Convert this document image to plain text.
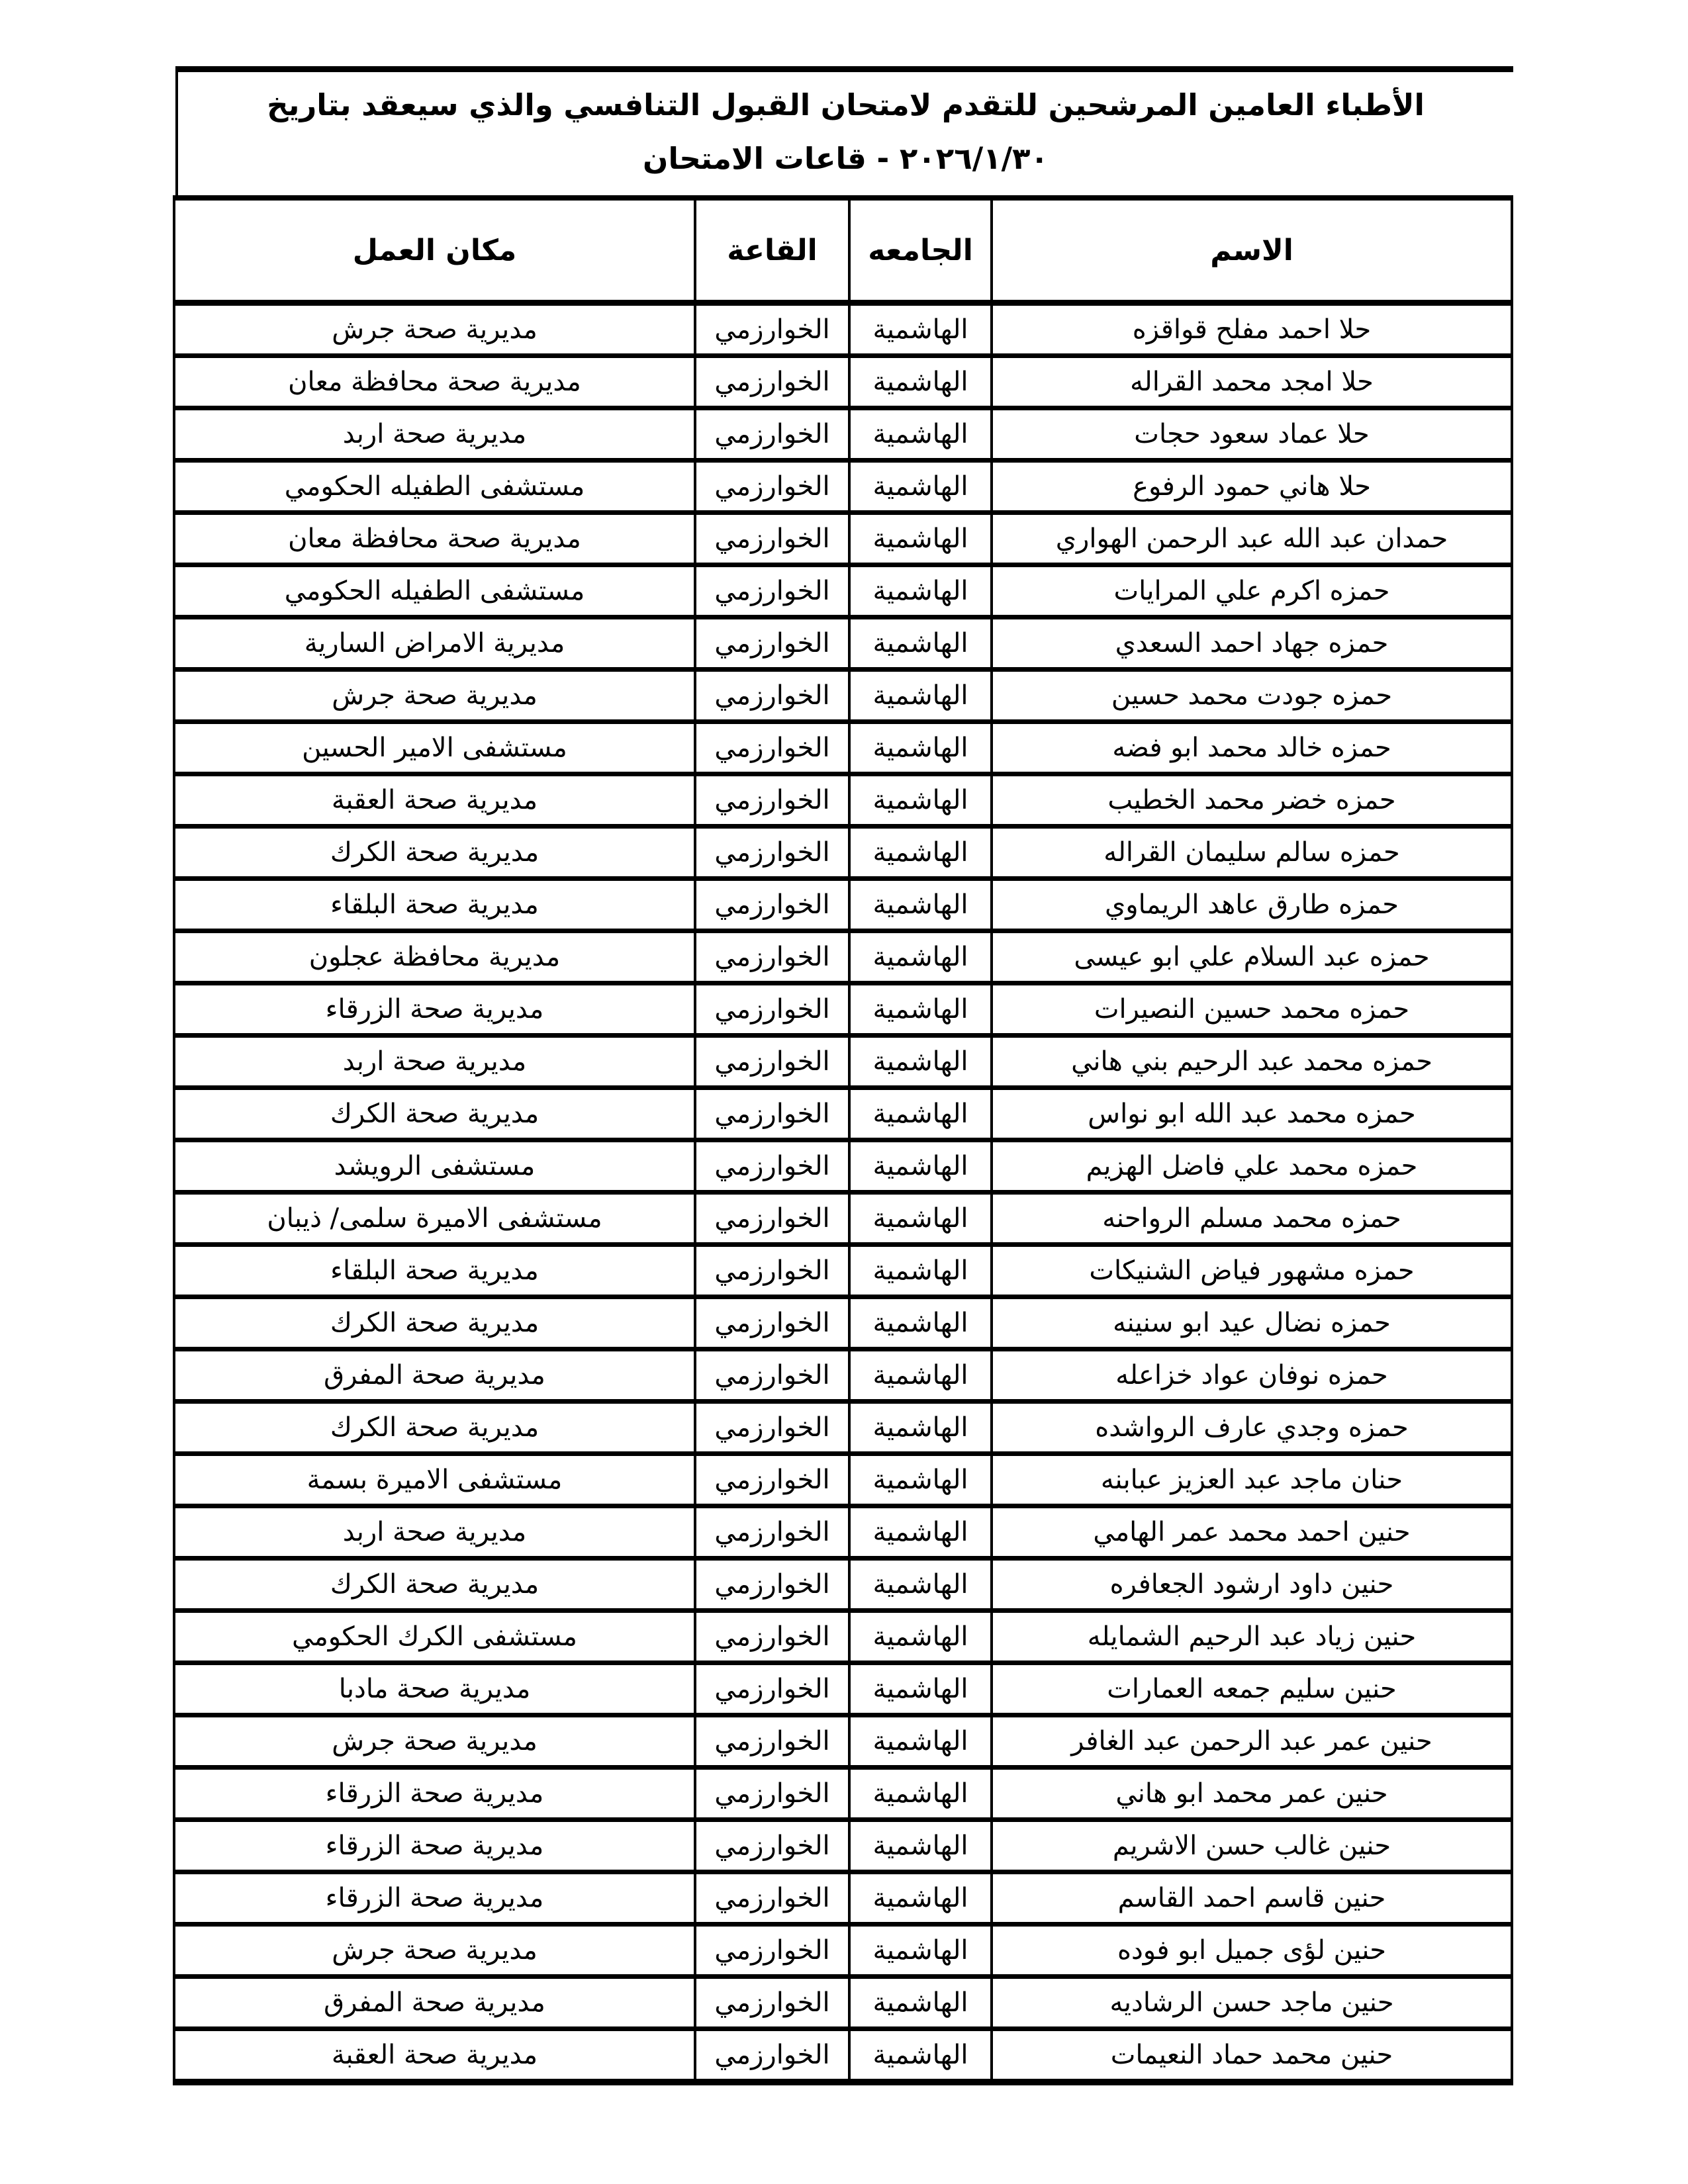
الأطباء العامين المرشحين للتقدم لامتحان القبول التنافسي والذي سيعقد بتاريخ ٢٠٢٦/١/٣٠ - قاعات الامتحان
الاسم	الجامعه	القاعة	مكان العمل
حلا احمد مفلح قواقزه	الهاشمية	الخوارزمي	مديرية صحة جرش
حلا امجد محمد القراله	الهاشمية	الخوارزمي	مديرية صحة محافظة معان
حلا عماد سعود حجات	الهاشمية	الخوارزمي	مديرية صحة اربد
حلا هاني حمود الرفوع	الهاشمية	الخوارزمي	مستشفى الطفيله الحكومي
حمدان عبد الله عبد الرحمن الهواري	الهاشمية	الخوارزمي	مديرية صحة محافظة معان
حمزه اكرم علي المرايات	الهاشمية	الخوارزمي	مستشفى الطفيله الحكومي
حمزه جهاد احمد السعدي	الهاشمية	الخوارزمي	مديرية الامراض السارية
حمزه جودت محمد حسين	الهاشمية	الخوارزمي	مديرية صحة جرش
حمزه خالد محمد ابو فضه	الهاشمية	الخوارزمي	مستشفى الامير الحسين
حمزه خضر محمد الخطيب	الهاشمية	الخوارزمي	مديرية صحة العقبة
حمزه سالم سليمان القراله	الهاشمية	الخوارزمي	مديرية صحة الكرك
حمزه طارق عاهد الريماوي	الهاشمية	الخوارزمي	مديرية صحة البلقاء
حمزه عبد السلام علي ابو عيسى	الهاشمية	الخوارزمي	مديرية محافظة عجلون
حمزه محمد حسين النصيرات	الهاشمية	الخوارزمي	مديرية صحة الزرقاء
حمزه محمد عبد الرحيم بني هاني	الهاشمية	الخوارزمي	مديرية صحة اربد
حمزه محمد عبد الله ابو نواس	الهاشمية	الخوارزمي	مديرية صحة الكرك
حمزه محمد علي فاضل الهزيم	الهاشمية	الخوارزمي	مستشفى الرويشد
حمزه محمد مسلم الرواحنه	الهاشمية	الخوارزمي	مستشفى الاميرة سلمى/ ذيبان
حمزه مشهور فياض الشنيكات	الهاشمية	الخوارزمي	مديرية صحة البلقاء
حمزه نضال عيد ابو سنينه	الهاشمية	الخوارزمي	مديرية صحة الكرك
حمزه نوفان عواد خزاعله	الهاشمية	الخوارزمي	مديرية صحة المفرق
حمزه وجدي عارف الرواشده	الهاشمية	الخوارزمي	مديرية صحة الكرك
حنان ماجد عبد العزيز عبابنه	الهاشمية	الخوارزمي	مستشفى الاميرة بسمة
حنين احمد محمد عمر الهامي	الهاشمية	الخوارزمي	مديرية صحة اربد
حنين داود ارشود الجعافره	الهاشمية	الخوارزمي	مديرية صحة الكرك
حنين زياد عبد الرحيم الشمايله	الهاشمية	الخوارزمي	مستشفى الكرك الحكومي
حنين سليم جمعه العمارات	الهاشمية	الخوارزمي	مديرية صحة مادبا
حنين عمر عبد الرحمن عبد الغافر	الهاشمية	الخوارزمي	مديرية صحة جرش
حنين عمر محمد ابو هاني	الهاشمية	الخوارزمي	مديرية صحة الزرقاء
حنين غالب حسن الاشريم	الهاشمية	الخوارزمي	مديرية صحة الزرقاء
حنين قاسم احمد القاسم	الهاشمية	الخوارزمي	مديرية صحة الزرقاء
حنين لؤى جميل ابو فوده	الهاشمية	الخوارزمي	مديرية صحة جرش
حنين ماجد حسن الرشاديه	الهاشمية	الخوارزمي	مديرية صحة المفرق
حنين محمد حماد النعيمات	الهاشمية	الخوارزمي	مديرية صحة العقبة
